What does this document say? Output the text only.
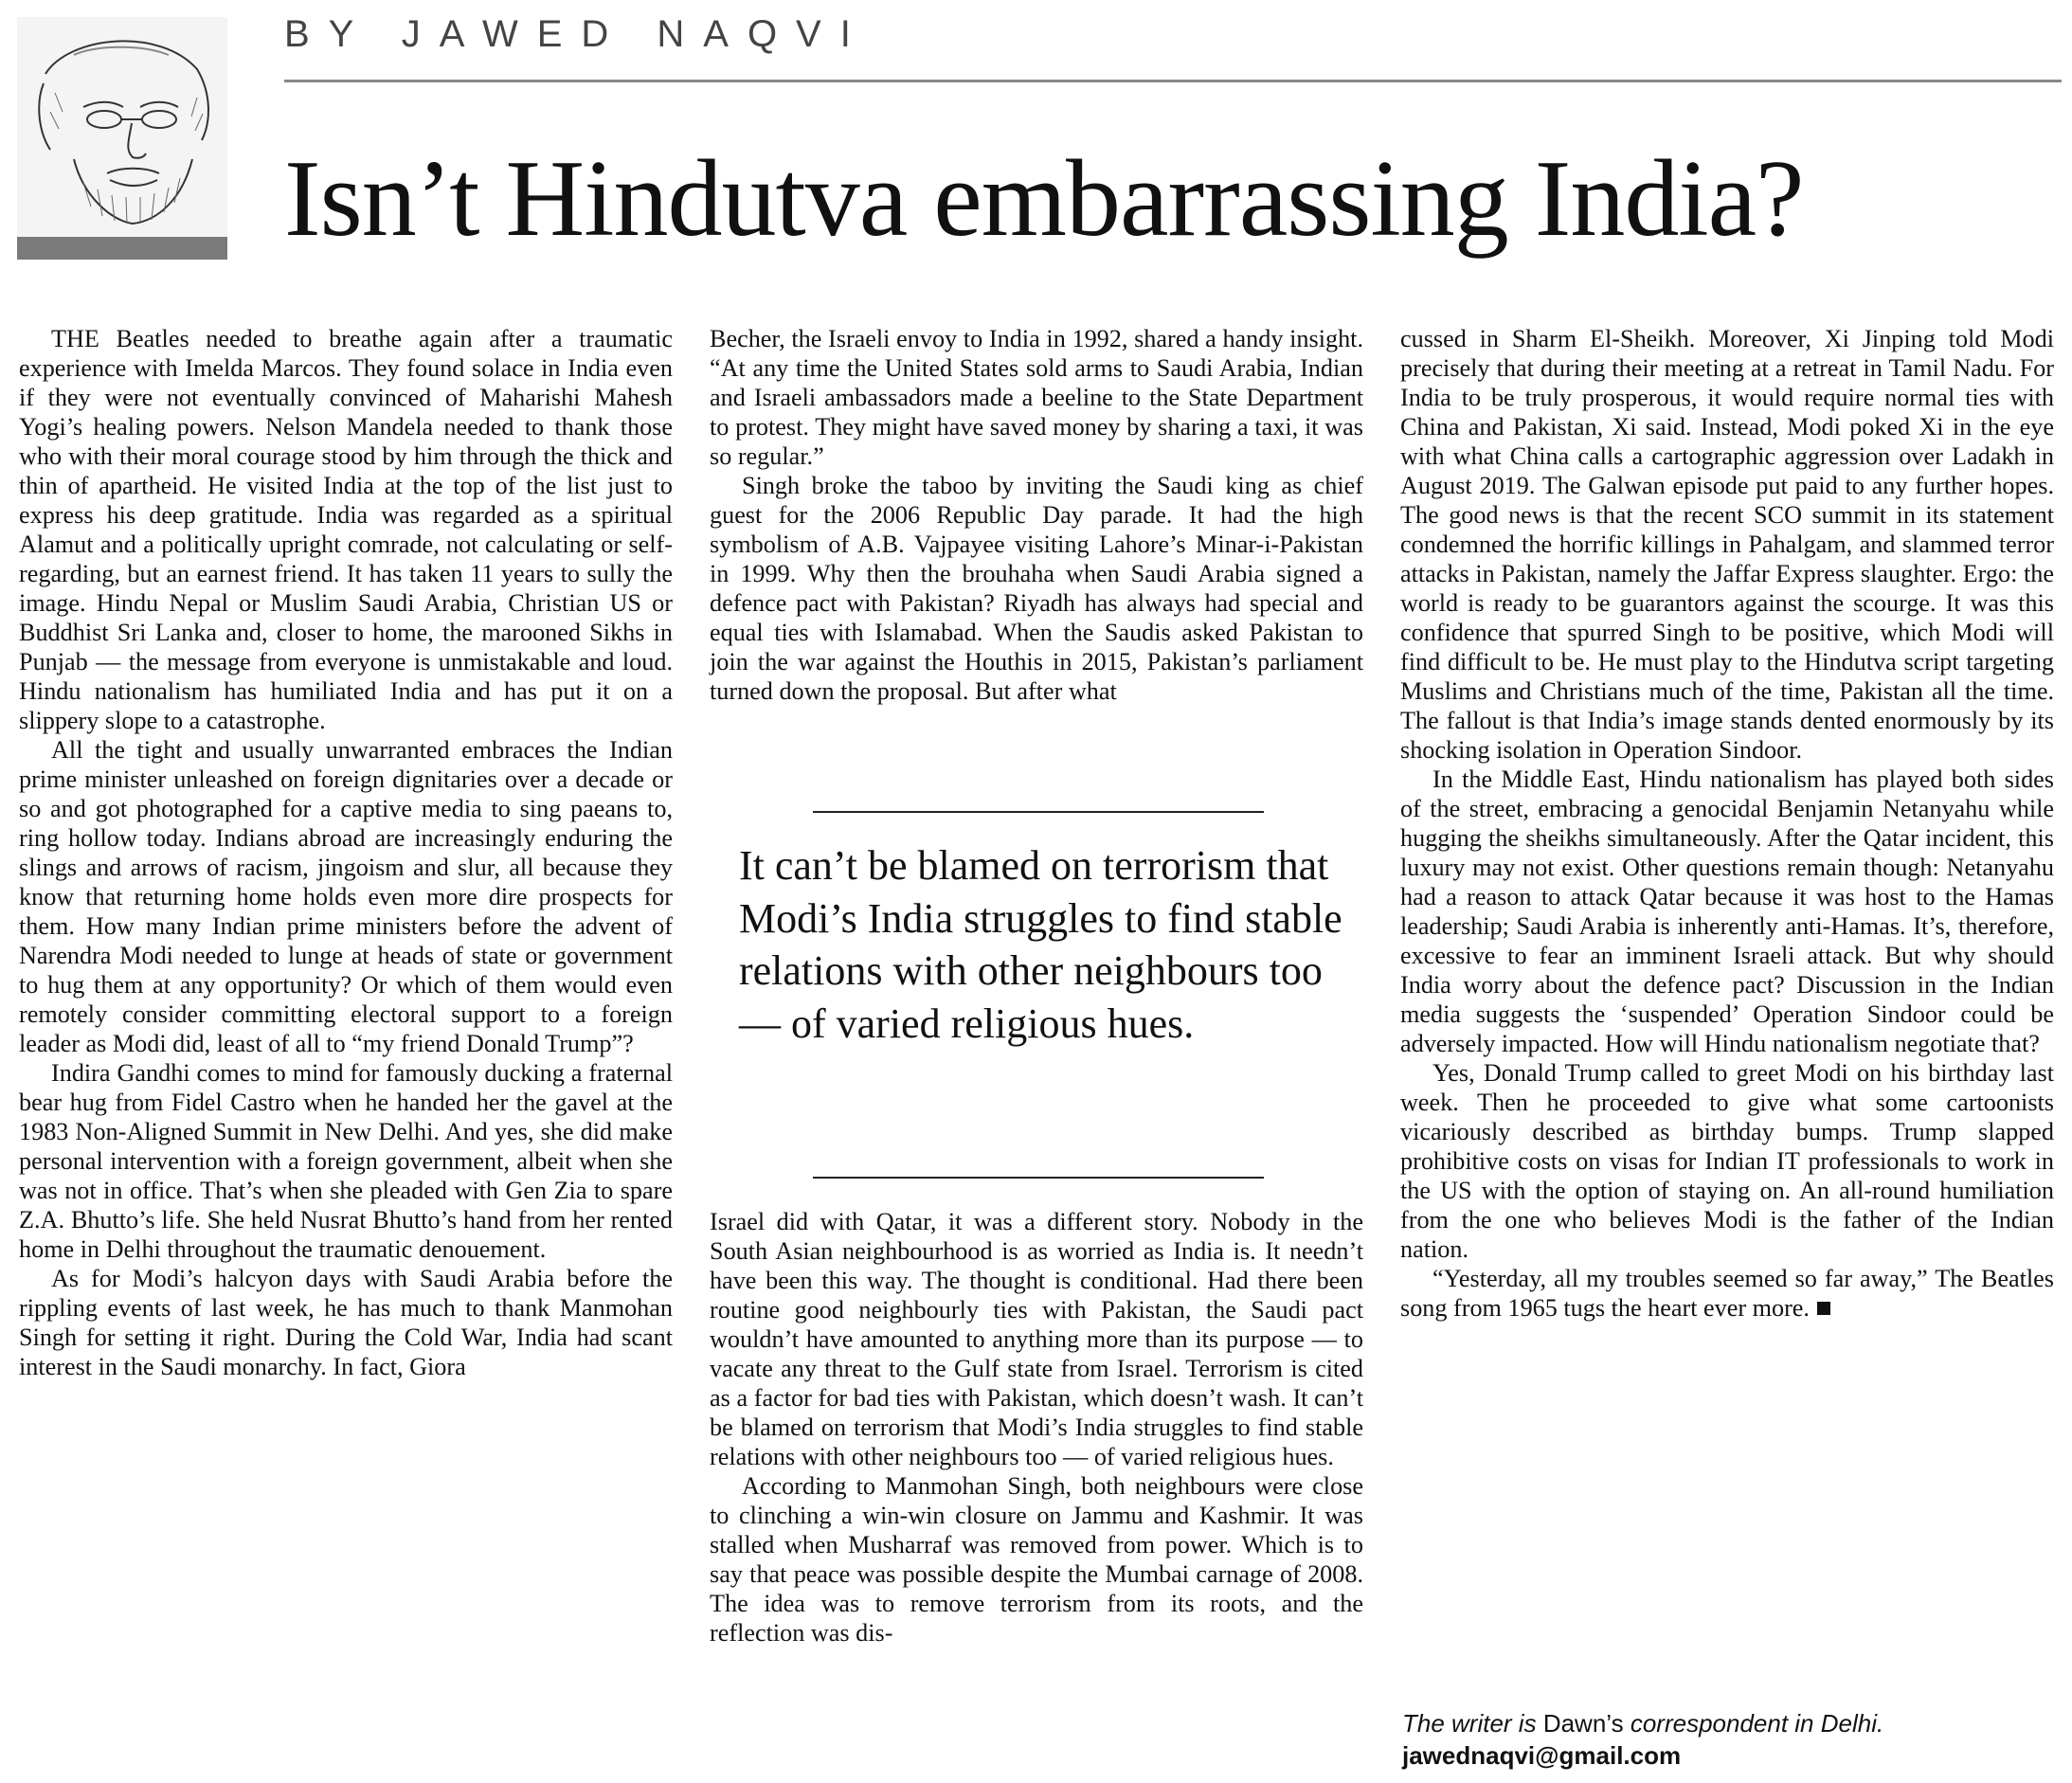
BY JAWED NAQVI
Isn’t Hindutva embarrassing India?

THE Beatles needed to breathe again after a traumatic experience with Imelda Marcos. They found solace in India even if they were not eventually convinced of Maharishi Mahesh Yogi’s healing powers. Nelson Mandela needed to thank those who with their moral courage stood by him through the thick and thin of apartheid. He visited India at the top of the list just to express his deep gratitude. India was regarded as a spiritual Alamut and a politically upright comrade, not calculating or self-regarding, but an earnest friend. It has taken 11 years to sully the image. Hindu Nepal or Muslim Saudi Arabia, Christian US or Buddhist Sri Lanka and, closer to home, the marooned Sikhs in Punjab — the message from everyone is unmistakable and loud. Hindu nationalism has humiliated India and has put it on a slippery slope to a catastrophe.

All the tight and usually unwarranted embraces the Indian prime minister unleashed on foreign dignitaries over a decade or so and got photographed for a captive media to sing paeans to, ring hollow today. Indians abroad are increasingly enduring the slings and arrows of racism, jingoism and slur, all because they know that returning home holds even more dire prospects for them. How many Indian prime ministers before the advent of Narendra Modi needed to lunge at heads of state or government to hug them at any opportunity? Or which of them would even remotely consider committing electoral support to a foreign leader as Modi did, least of all to “my friend Donald Trump”?

Indira Gandhi comes to mind for famously ducking a fraternal bear hug from Fidel Castro when he handed her the gavel at the 1983 Non-Aligned Summit in New Delhi. And yes, she did make personal intervention with a foreign government, albeit when she was not in office. That’s when she pleaded with Gen Zia to spare Z.A. Bhutto’s life. She held Nusrat Bhutto’s hand from her rented home in Delhi throughout the traumatic denouement.

As for Modi’s halcyon days with Saudi Arabia before the rippling events of last week, he has much to thank Manmohan Singh for setting it right. During the Cold War, India had scant interest in the Saudi monarchy. In fact, Giora

Becher, the Israeli envoy to India in 1992, shared a handy insight. “At any time the United States sold arms to Saudi Arabia, Indian and Israeli ambassadors made a beeline to the State Department to protest. They might have saved money by sharing a taxi, it was so regular.”

Singh broke the taboo by inviting the Saudi king as chief guest for the 2006 Republic Day parade. It had the high symbolism of A.B. Vajpayee visiting Lahore’s Minar-i-Pakistan in 1999. Why then the brouhaha when Saudi Arabia signed a defence pact with Pakistan? Riyadh has always had special and equal ties with Islamabad. When the Saudis asked Pakistan to join the war against the Houthis in 2015, Pakistan’s parliament turned down the proposal. But after what

It can’t be blamed on terrorism that Modi’s India struggles to find stable relations with other neighbours too — of varied religious hues.

Israel did with Qatar, it was a different story. Nobody in the South Asian neighbourhood is as worried as India is. It needn’t have been this way. The thought is conditional. Had there been routine good neighbourly ties with Pakistan, the Saudi pact wouldn’t have amounted to anything more than its purpose — to vacate any threat to the Gulf state from Israel. Terrorism is cited as a factor for bad ties with Pakistan, which doesn’t wash. It can’t be blamed on terrorism that Modi’s India struggles to find stable relations with other neighbours too — of varied religious hues.

According to Manmohan Singh, both neighbours were close to clinching a win-win closure on Jammu and Kashmir. It was stalled when Musharraf was removed from power. Which is to say that peace was possible despite the Mumbai carnage of 2008. The idea was to remove terrorism from its roots, and the reflection was dis-

cussed in Sharm El-Sheikh. Moreover, Xi Jinping told Modi precisely that during their meeting at a retreat in Tamil Nadu. For India to be truly prosperous, it would require normal ties with China and Pakistan, Xi said. Instead, Modi poked Xi in the eye with what China calls a cartographic aggression over Ladakh in August 2019. The Galwan episode put paid to any further hopes. The good news is that the recent SCO summit in its statement condemned the horrific killings in Pahalgam, and slammed terror attacks in Pakistan, namely the Jaffar Express slaughter. Ergo: the world is ready to be guarantors against the scourge. It was this confidence that spurred Singh to be positive, which Modi will find difficult to be. He must play to the Hindutva script targeting Muslims and Christians much of the time, Pakistan all the time. The fallout is that India’s image stands dented enormously by its shocking isolation in Operation Sindoor.

In the Middle East, Hindu nationalism has played both sides of the street, embracing a genocidal Benjamin Netanyahu while hugging the sheikhs simultaneously. After the Qatar incident, this luxury may not exist. Other questions remain though: Netanyahu had a reason to attack Qatar because it was host to the Hamas leadership; Saudi Arabia is inherently anti-Hamas. It’s, therefore, excessive to fear an imminent Israeli attack. But why should India worry about the defence pact? Discussion in the Indian media suggests the ‘suspended’ Operation Sindoor could be adversely impacted. How will Hindu nationalism negotiate that?

Yes, Donald Trump called to greet Modi on his birthday last week. Then he proceeded to give what some cartoonists vicariously described as birthday bumps. Trump slapped prohibitive costs on visas for Indian IT professionals to work in the US with the option of staying on. An all-round humiliation from the one who believes Modi is the father of the Indian nation.

“Yesterday, all my troubles seemed so far away,” The Beatles song from 1965 tugs the heart ever more.

The writer is Dawn’s correspondent in Delhi.
jawednaqvi@gmail.com
